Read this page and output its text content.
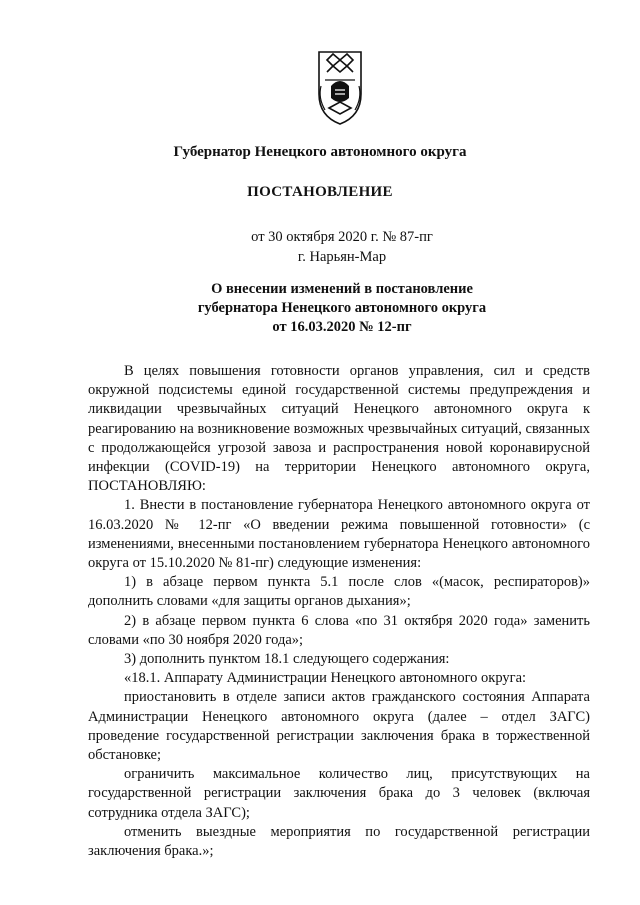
Губернатор Ненецкого автономного округа
ПОСТАНОВЛЕНИЕ
от 30 октября 2020 г. № 87-пг
г. Нарьян-Мар
О внесении изменений в постановление
губернатора Ненецкого автономного округа
от 16.03.2020 № 12-пг

В целях повышения готовности органов управления, сил и средств окружной подсистемы единой государственной системы предупреждения и ликвидации чрезвычайных ситуаций Ненецкого автономного округа к реагированию на возникновение возможных чрезвычайных ситуаций, связанных с продолжающейся угрозой завоза и распространения новой коронавирусной инфекции (COVID-19) на территории Ненецкого автономного округа, ПОСТАНОВЛЯЮ:

1. Внести в постановление губернатора Ненецкого автономного округа от 16.03.2020 № 12-пг «О введении режима повышенной готовности» (с изменениями, внесенными постановлением губернатора Ненецкого автономного округа от 15.10.2020 № 81-пг) следующие изменения:

1) в абзаце первом пункта 5.1 после слов «(масок, респираторов)» дополнить словами «для защиты органов дыхания»;

2) в абзаце первом пункта 6 слова «по 31 октября 2020 года» заменить словами «по 30 ноября 2020 года»;

3) дополнить пунктом 18.1 следующего содержания:

«18.1. Аппарату Администрации Ненецкого автономного округа:

приостановить в отделе записи актов гражданского состояния Аппарата Администрации Ненецкого автономного округа (далее – отдел ЗАГС) проведение государственной регистрации заключения брака в торжественной обстановке;

ограничить максимальное количество лиц, присутствующих на государственной регистрации заключения брака до 3 человек (включая сотрудника отдела ЗАГС);

отменить выездные мероприятия по государственной регистрации заключения брака.»;
